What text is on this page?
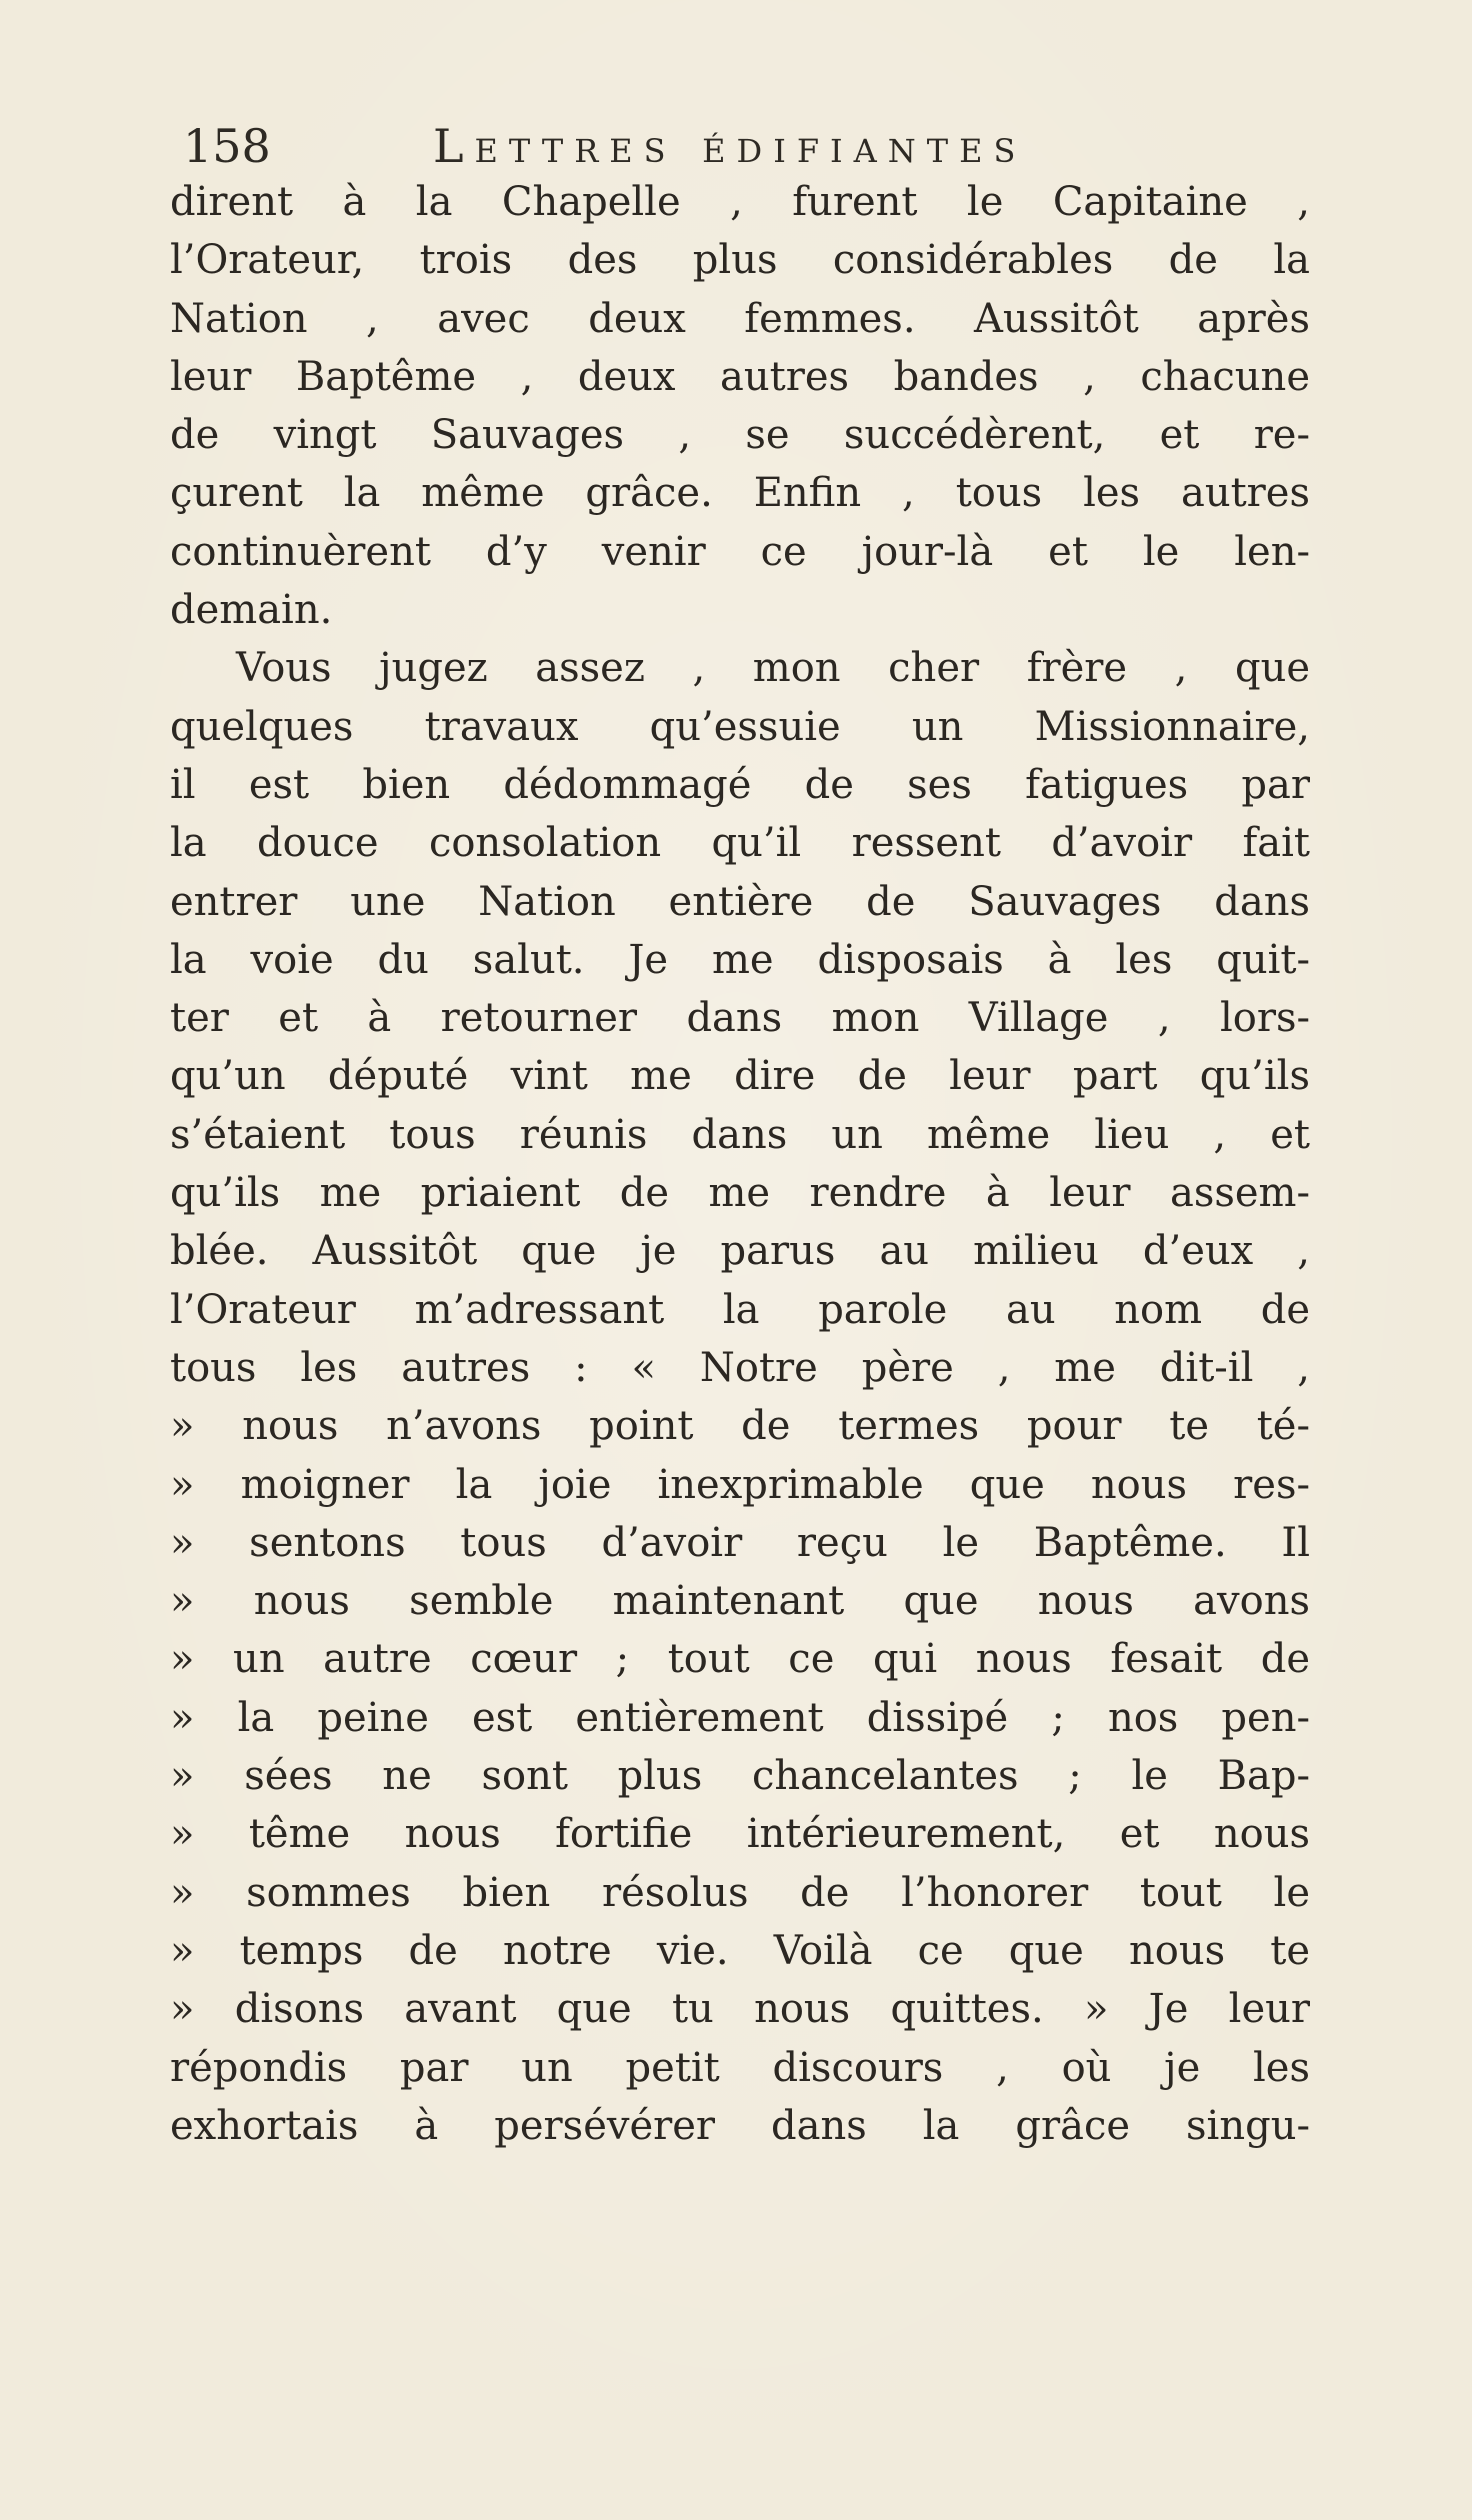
158	Lettres édifiantes
dirent à la Chapelle , furent le Capitaine ,
l’Orateur, trois des plus considérables de la
Nation , avec deux femmes. Aussitôt après
leur Baptême , deux autres bandes , chacune
de vingt Sauvages , se succédèrent, et re-
çurent la même grâce. Enfin , tous les autres
continuèrent d’y venir ce jour-là et le len-
demain.
Vous jugez assez , mon cher frère , que
quelques travaux qu’essuie un Missionnaire,
il est bien dédommagé de ses fatigues par
la douce consolation qu’il ressent d’avoir fait
entrer une Nation entière de Sauvages dans
la voie du salut. Je me disposais à les quit-
ter et à retourner dans mon Village , lors-
qu’un député vint me dire de leur part qu’ils
s’étaient tous réunis dans un même lieu , et
qu’ils me priaient de me rendre à leur assem-
blée. Aussitôt que je parus au milieu d’eux ,
l’Orateur m’adressant la parole au nom de
tous les autres : « Notre père , me dit-il ,
» nous n’avons point de termes pour te té-
» moigner la joie inexprimable que nous res-
» sentons tous d’avoir reçu le Baptême. Il
» nous semble maintenant que nous avons
» un autre cœur ; tout ce qui nous fesait de
» la peine est entièrement dissipé ; nos pen-
» sées ne sont plus chancelantes ; le Bap-
» tême nous fortifie intérieurement, et nous
» sommes bien résolus de l’honorer tout le
» temps de notre vie. Voilà ce que nous te
» disons avant que tu nous quittes. » Je leur
répondis par un petit discours , où je les
exhortais à persévérer dans la grâce singu-
